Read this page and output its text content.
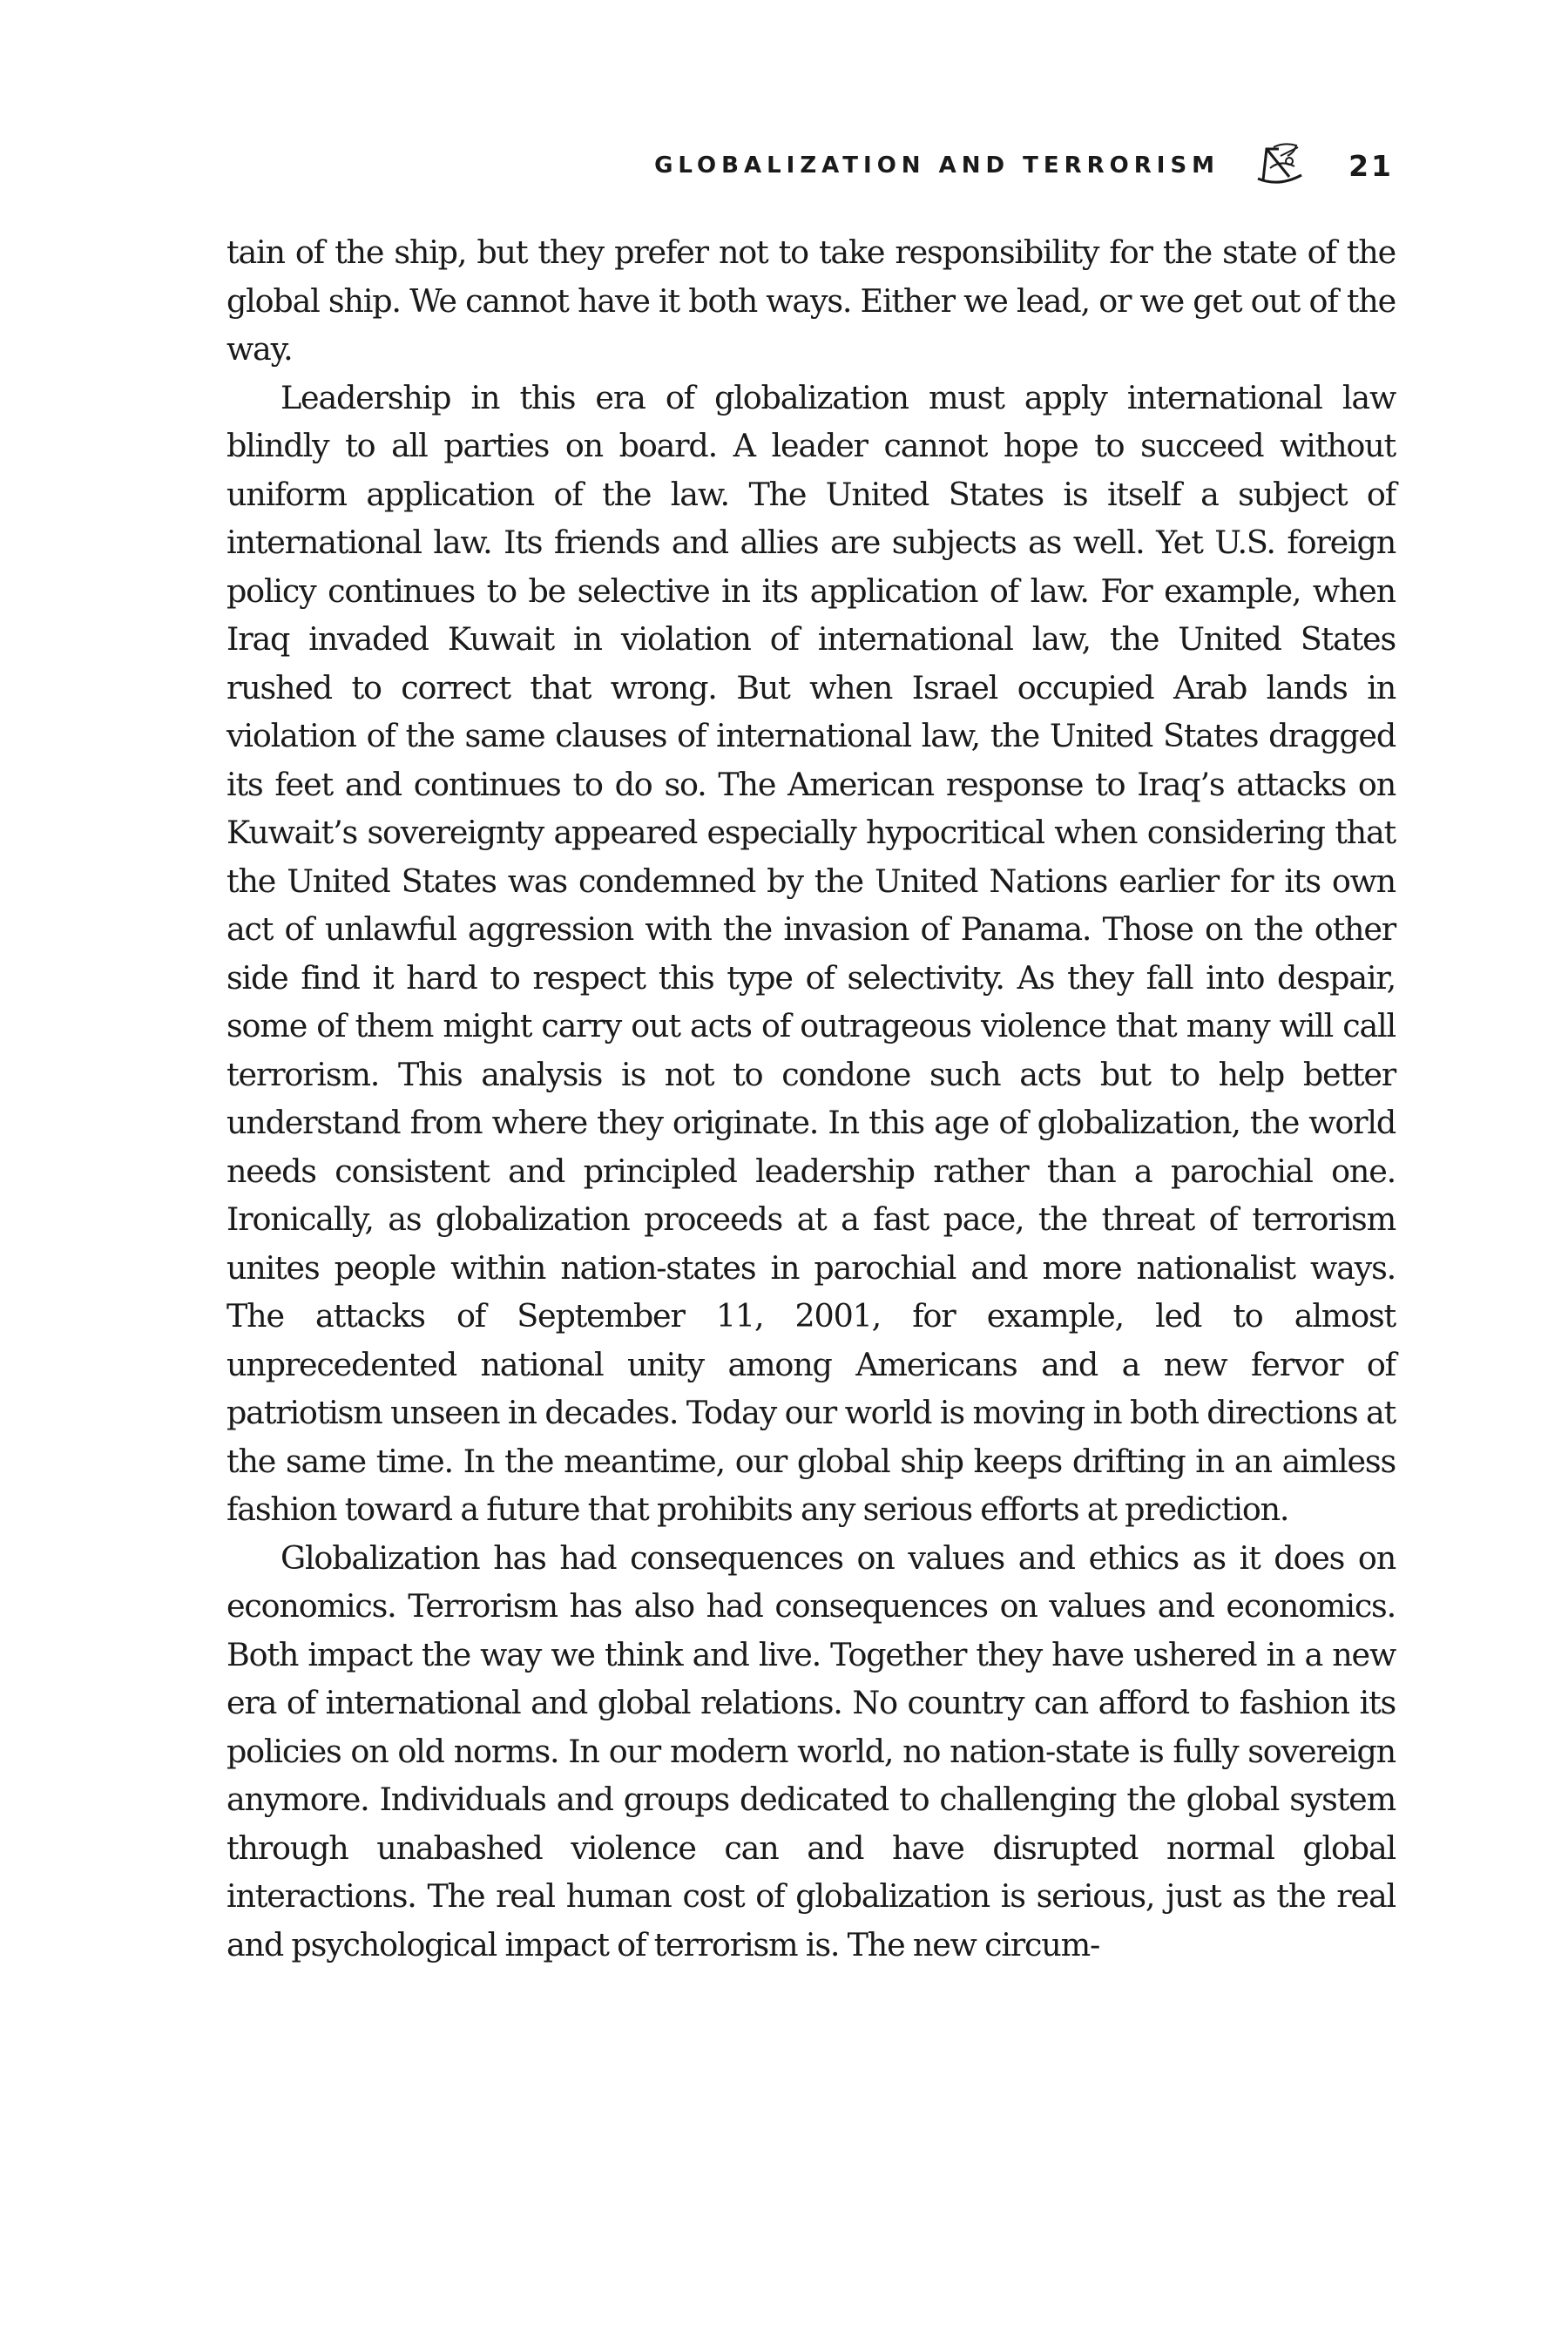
GLOBALIZATION AND TERRORISM	21

tain of the ship, but they prefer not to take responsibility for the state of the global ship. We cannot have it both ways. Either we lead, or we get out of the way.

Leadership in this era of globalization must apply international law blindly to all parties on board. A leader cannot hope to succeed without uniform application of the law. The United States is itself a subject of international law. Its friends and allies are subjects as well. Yet U.S. foreign policy continues to be selective in its application of law. For example, when Iraq invaded Kuwait in violation of international law, the United States rushed to correct that wrong. But when Israel occupied Arab lands in violation of the same clauses of international law, the United States dragged its feet and continues to do so. The American response to Iraq’s attacks on Kuwait’s sovereignty appeared especially hypocritical when considering that the United States was condemned by the United Nations earlier for its own act of unlawful aggression with the invasion of Panama. Those on the other side find it hard to respect this type of selectivity. As they fall into despair, some of them might carry out acts of outrageous violence that many will call terrorism. This analysis is not to condone such acts but to help better understand from where they originate. In this age of globalization, the world needs consistent and principled leadership rather than a parochial one. Ironically, as globalization proceeds at a fast pace, the threat of terrorism unites people within nation-states in parochial and more nationalist ways. The attacks of September 11, 2001, for example, led to almost unprecedented national unity among Americans and a new fervor of patriotism unseen in decades. Today our world is moving in both directions at the same time. In the meantime, our global ship keeps drifting in an aimless fashion toward a future that prohibits any serious efforts at prediction.

Globalization has had consequences on values and ethics as it does on economics. Terrorism has also had consequences on values and economics. Both impact the way we think and live. Together they have ushered in a new era of international and global relations. No country can afford to fashion its policies on old norms. In our modern world, no nation-state is fully sovereign anymore. Individuals and groups dedicated to challenging the global system through unabashed violence can and have disrupted normal global interactions. The real human cost of globalization is serious, just as the real and psychological impact of terrorism is. The new circum-
